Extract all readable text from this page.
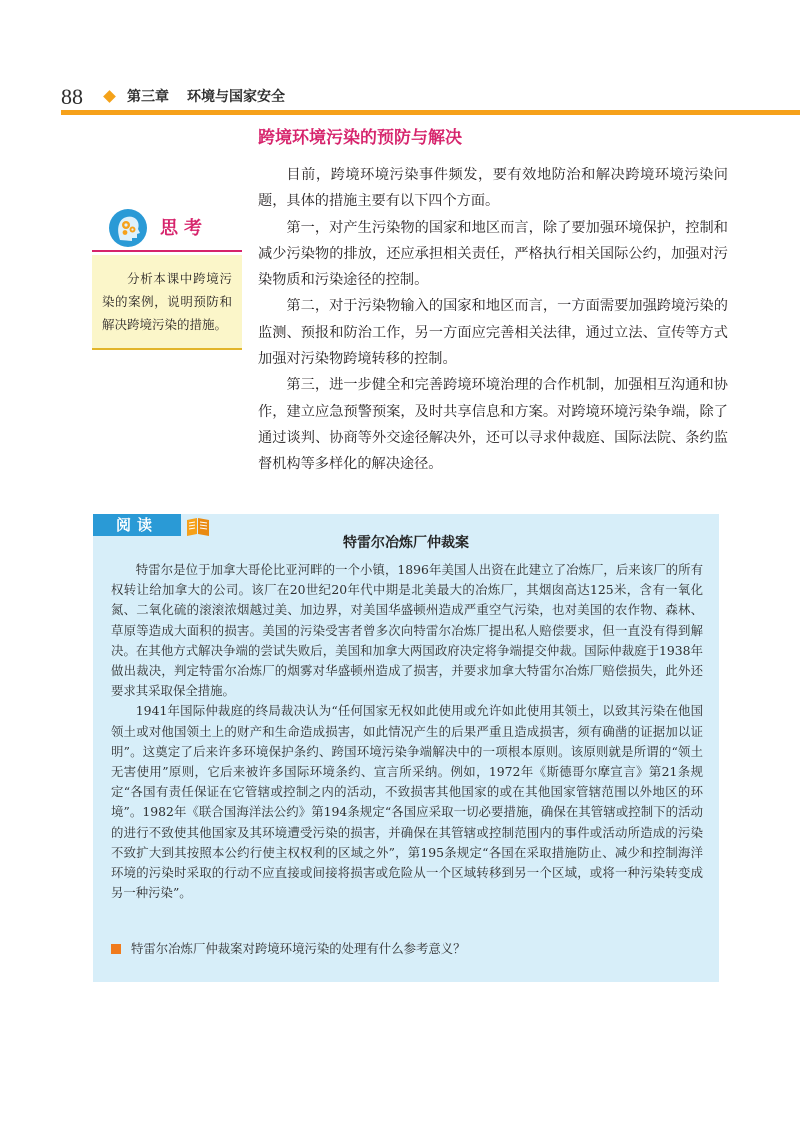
88	第三章 环境与国家安全
跨境环境污染的预防与解决

目前，跨境环境污染事件频发，要有效地防治和解决跨境环境污染问题，具体的措施主要有以下四个方面。

第一，对产生污染物的国家和地区而言，除了要加强环境保护，控制和减少污染物的排放，还应承担相关责任，严格执行相关国际公约，加强对污染物质和污染途径的控制。

第二，对于污染物输入的国家和地区而言，一方面需要加强跨境污染的监测、预报和防治工作，另一方面应完善相关法律，通过立法、宣传等方式加强对污染物跨境转移的控制。

第三，进一步健全和完善跨境环境治理的合作机制，加强相互沟通和协作，建立应急预警预案，及时共享信息和方案。对跨境环境污染争端，除了通过谈判、协商等外交途径解决外，还可以寻求仲裁庭、国际法院、条约监督机构等多样化的解决途径。

思考

分析本课中跨境污染的案例，说明预防和解决跨境污染的措施。

阅读
特雷尔冶炼厂仲裁案

特雷尔是位于加拿大哥伦比亚河畔的一个小镇，1896年美国人出资在此建立了冶炼厂，后来该厂的所有权转让给加拿大的公司。该厂在20世纪20年代中期是北美最大的冶炼厂，其烟囱高达125米，含有一氧化氮、二氧化硫的滚滚浓烟越过美、加边界，对美国华盛顿州造成严重空气污染，也对美国的农作物、森林、草原等造成大面积的损害。美国的污染受害者曾多次向特雷尔冶炼厂提出私人赔偿要求，但一直没有得到解决。在其他方式解决争端的尝试失败后，美国和加拿大两国政府决定将争端提交仲裁。国际仲裁庭于1938年做出裁决，判定特雷尔冶炼厂的烟雾对华盛顿州造成了损害，并要求加拿大特雷尔冶炼厂赔偿损失，此外还要求其采取保全措施。

1941年国际仲裁庭的终局裁决认为“任何国家无权如此使用或允许如此使用其领土，以致其污染在他国领土或对他国领土上的财产和生命造成损害，如此情况产生的后果严重且造成损害，须有确凿的证据加以证明”。这奠定了后来许多环境保护条约、跨国环境污染争端解决中的一项根本原则。该原则就是所谓的“领土无害使用”原则，它后来被许多国际环境条约、宣言所采纳。例如，1972年《斯德哥尔摩宣言》第21条规定“各国有责任保证在它管辖或控制之内的活动，不致损害其他国家的或在其他国家管辖范围以外地区的环境”。1982年《联合国海洋法公约》第194条规定“各国应采取一切必要措施，确保在其管辖或控制下的活动的进行不致使其他国家及其环境遭受污染的损害，并确保在其管辖或控制范围内的事件或活动所造成的污染不致扩大到其按照本公约行使主权权利的区域之外”，第195条规定“各国在采取措施防止、减少和控制海洋环境的污染时采取的行动不应直接或间接将损害或危险从一个区域转移到另一个区域，或将一种污染转变成另一种污染”。

特雷尔冶炼厂仲裁案对跨境环境污染的处理有什么参考意义？
